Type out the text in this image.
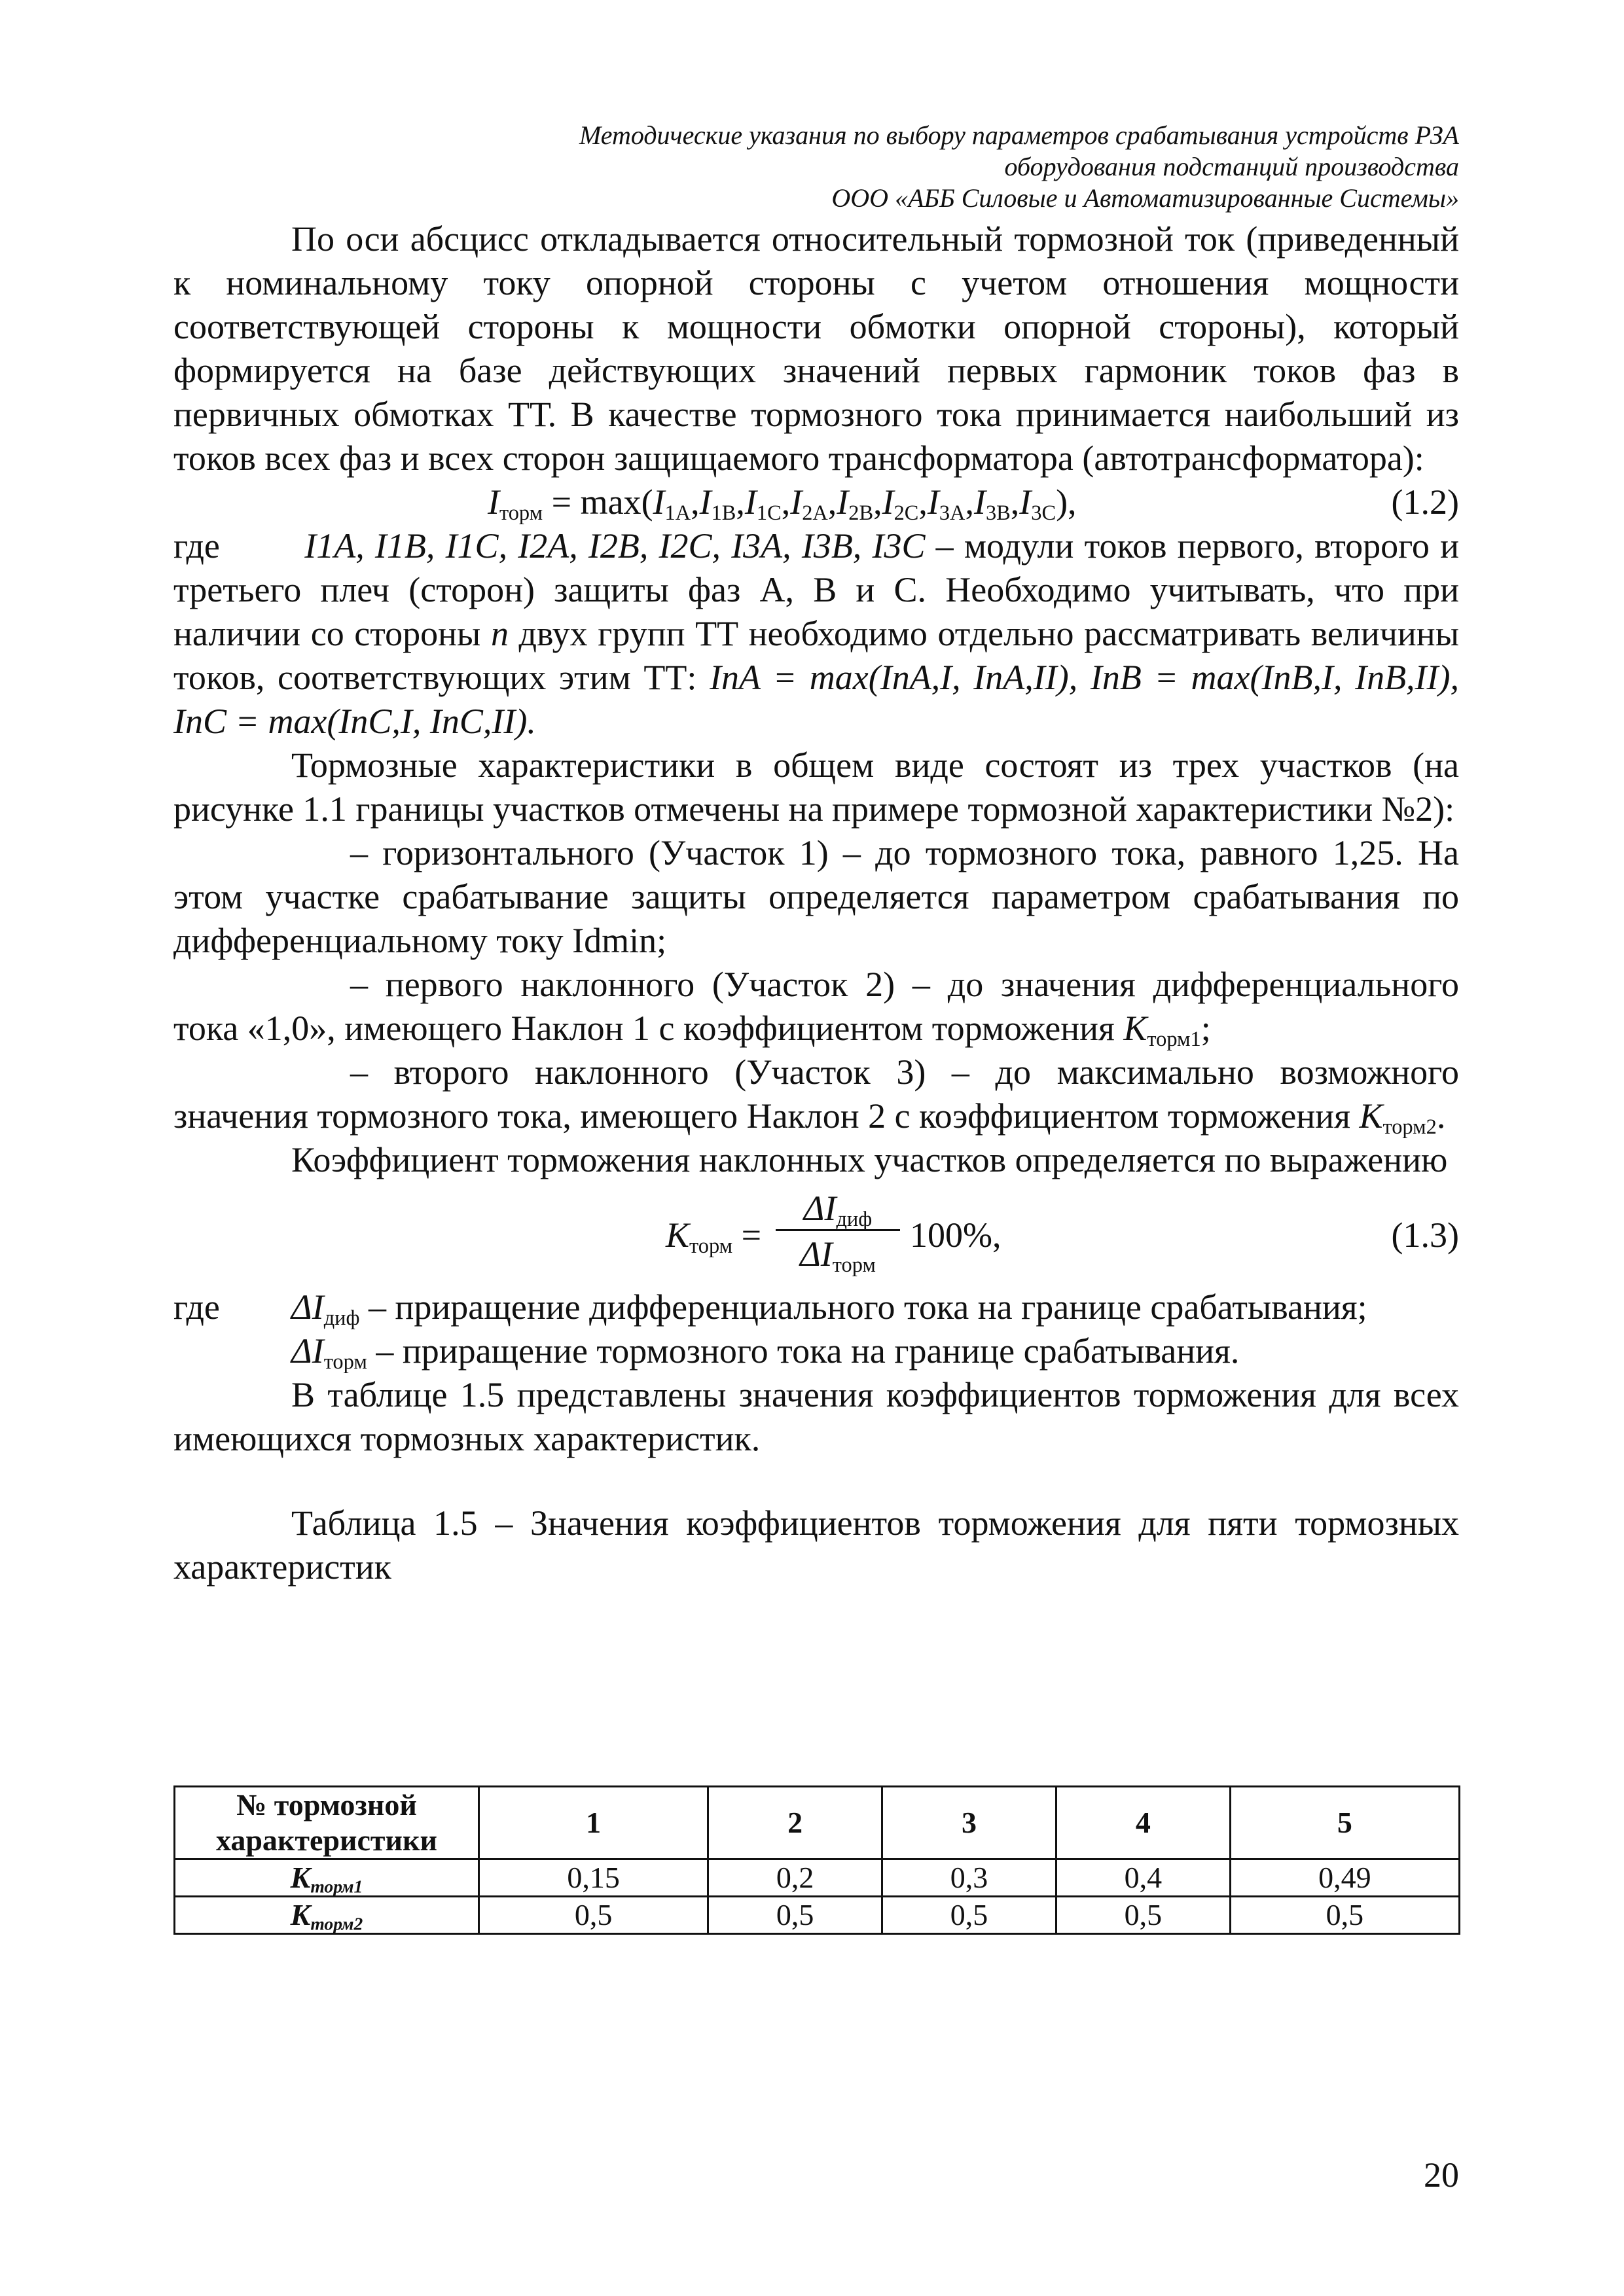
Методические указания по выбору параметров срабатывания устройств РЗА
оборудования подстанций производства
ООО «АББ Силовые и Автоматизированные Системы»

По оси абсцисс откладывается относительный тормозной ток (приведенный к номинальному току опорной стороны с учетом отношения мощности соответствующей стороны к мощности обмотки опорной стороны), который формируется на базе действующих значений первых гармоник токов фаз в первичных обмотках ТТ. В качестве тормозного тока принимается наибольший из токов всех фаз и всех сторон защищаемого трансформатора (автотрансформатора):

$I_{торм} = \max(I_{1A},I_{1B},I_{1C},I_{2A},I_{2B},I_{2C},I_{3A},I_{3B},I_{3C})$,	(1.2)

где I1A, I1B, I1C, I2A, I2B, I2C, I3A, I3B, I3C – модули токов первого, второго и третьего плеч (сторон) защиты фаз А, В и С. Необходимо учитывать, что при наличии со стороны n двух групп ТТ необходимо отдельно рассматривать величины токов, соответствующих этим ТТ: InA = max(InA,I, InA,II), InB = max(InB,I, InB,II), InC = max(InC,I, InC,II).

Тормозные характеристики в общем виде состоят из трех участков (на рисунке 1.1 границы участков отмечены на примере тормозной характеристики №2):

– горизонтального (Участок 1) – до тормозного тока, равного 1,25. На этом участке срабатывание защиты определяется параметром срабатывания по дифференциальному току Idmin;

– первого наклонного (Участок 2) – до значения дифференциального тока «1,0», имеющего Наклон 1 с коэффициентом торможения $K_{торм1}$;

– второго наклонного (Участок 3) – до максимально возможного значения тормозного тока, имеющего Наклон 2 с коэффициентом торможения $K_{торм2}$.

Коэффициент торможения наклонных участков определяется по выражению

$K_{торм}$ =
$\Delta I_{диф}$
$\Delta I_{торм}$
100%,	(1.3)
где $\Delta I_{диф}$ – приращение дифференциального тока на границе срабатывания;
$\Delta I_{торм}$ – приращение тормозного тока на границе срабатывания.

В таблице 1.5 представлены значения коэффициентов торможения для всех имеющихся тормозных характеристик.

Таблица 1.5 – Значения коэффициентов торможения для пяти тормозных характеристик

№ тормозной характеристики	1	2	3	4	5
$K_{торм1}$	0,15	0,2	0,3	0,4	0,49
$K_{торм2}$	0,5	0,5	0,5	0,5	0,5
20
